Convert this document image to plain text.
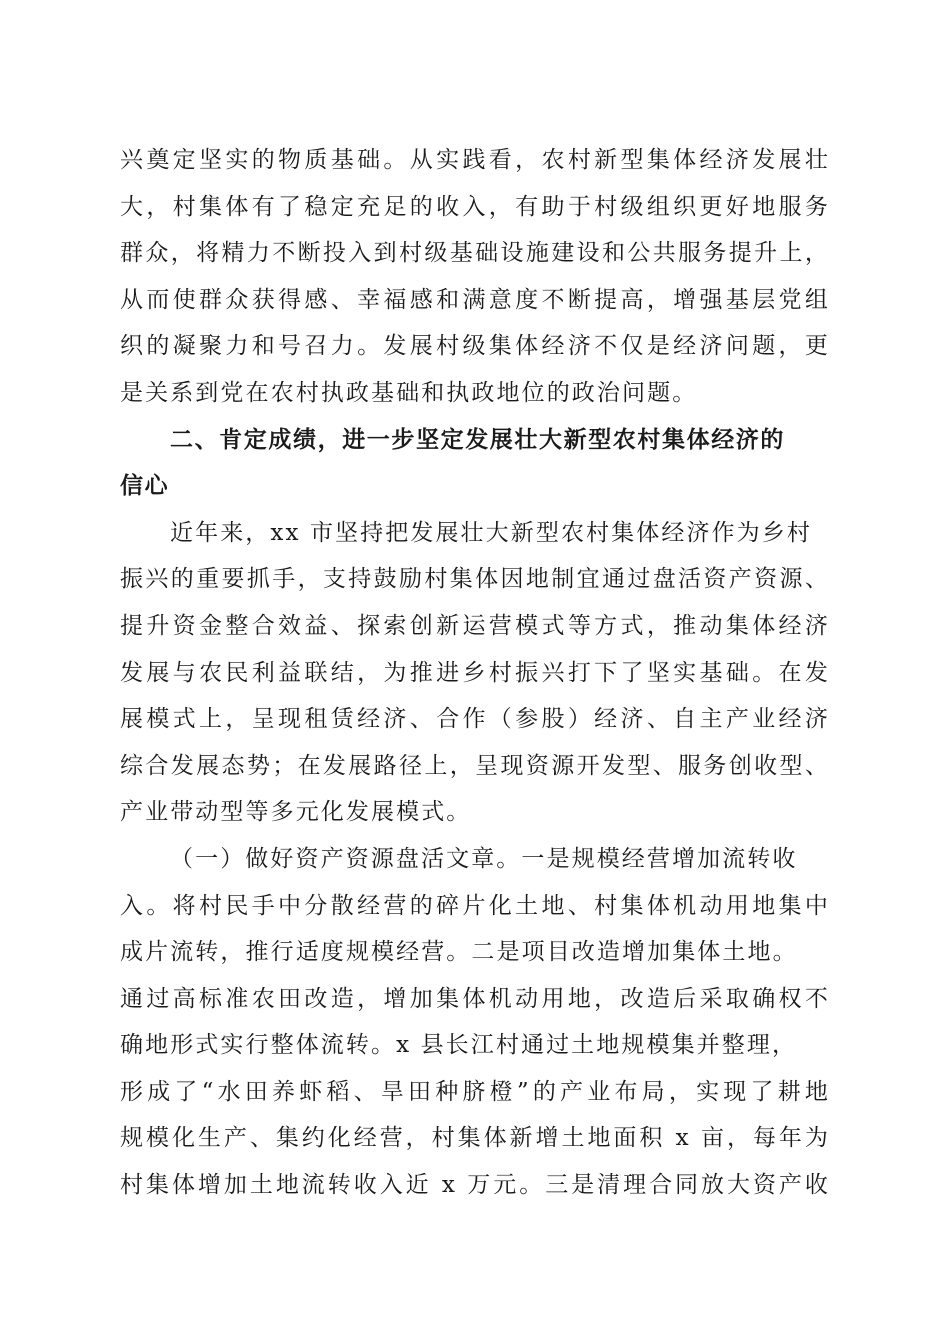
兴奠定坚实的物质基础。从实践看，农村新型集体经济发展壮
大，村集体有了稳定充足的收入，有助于村级组织更好地服务
群众，将精力不断投入到村级基础设施建设和公共服务提升上，
从而使群众获得感、幸福感和满意度不断提高，增强基层党组
织的凝聚力和号召力。发展村级集体经济不仅是经济问题，更
是关系到党在农村执政基础和执政地位的政治问题。
二、肯定成绩，进一步坚定发展壮大新型农村集体经济的
信心
近年来，xx 市坚持把发展壮大新型农村集体经济作为乡村
振兴的重要抓手，支持鼓励村集体因地制宜通过盘活资产资源、
提升资金整合效益、探索创新运营模式等方式，推动集体经济
发展与农民利益联结，为推进乡村振兴打下了坚实基础。在发
展模式上，呈现租赁经济、合作（参股）经济、自主产业经济
综合发展态势；在发展路径上，呈现资源开发型、服务创收型、
产业带动型等多元化发展模式。
（一）做好资产资源盘活文章。一是规模经营增加流转收
入。将村民手中分散经营的碎片化土地、村集体机动用地集中
成片流转，推行适度规模经营。二是项目改造增加集体土地。
通过高标准农田改造，增加集体机动用地，改造后采取确权不
确地形式实行整体流转。x 县长江村通过土地规模集并整理，
形成了“水田养虾稻、旱田种脐橙”的产业布局，实现了耕地
规模化生产、集约化经营，村集体新增土地面积 x 亩，每年为
村集体增加土地流转收入近 x 万元。三是清理合同放大资产收
